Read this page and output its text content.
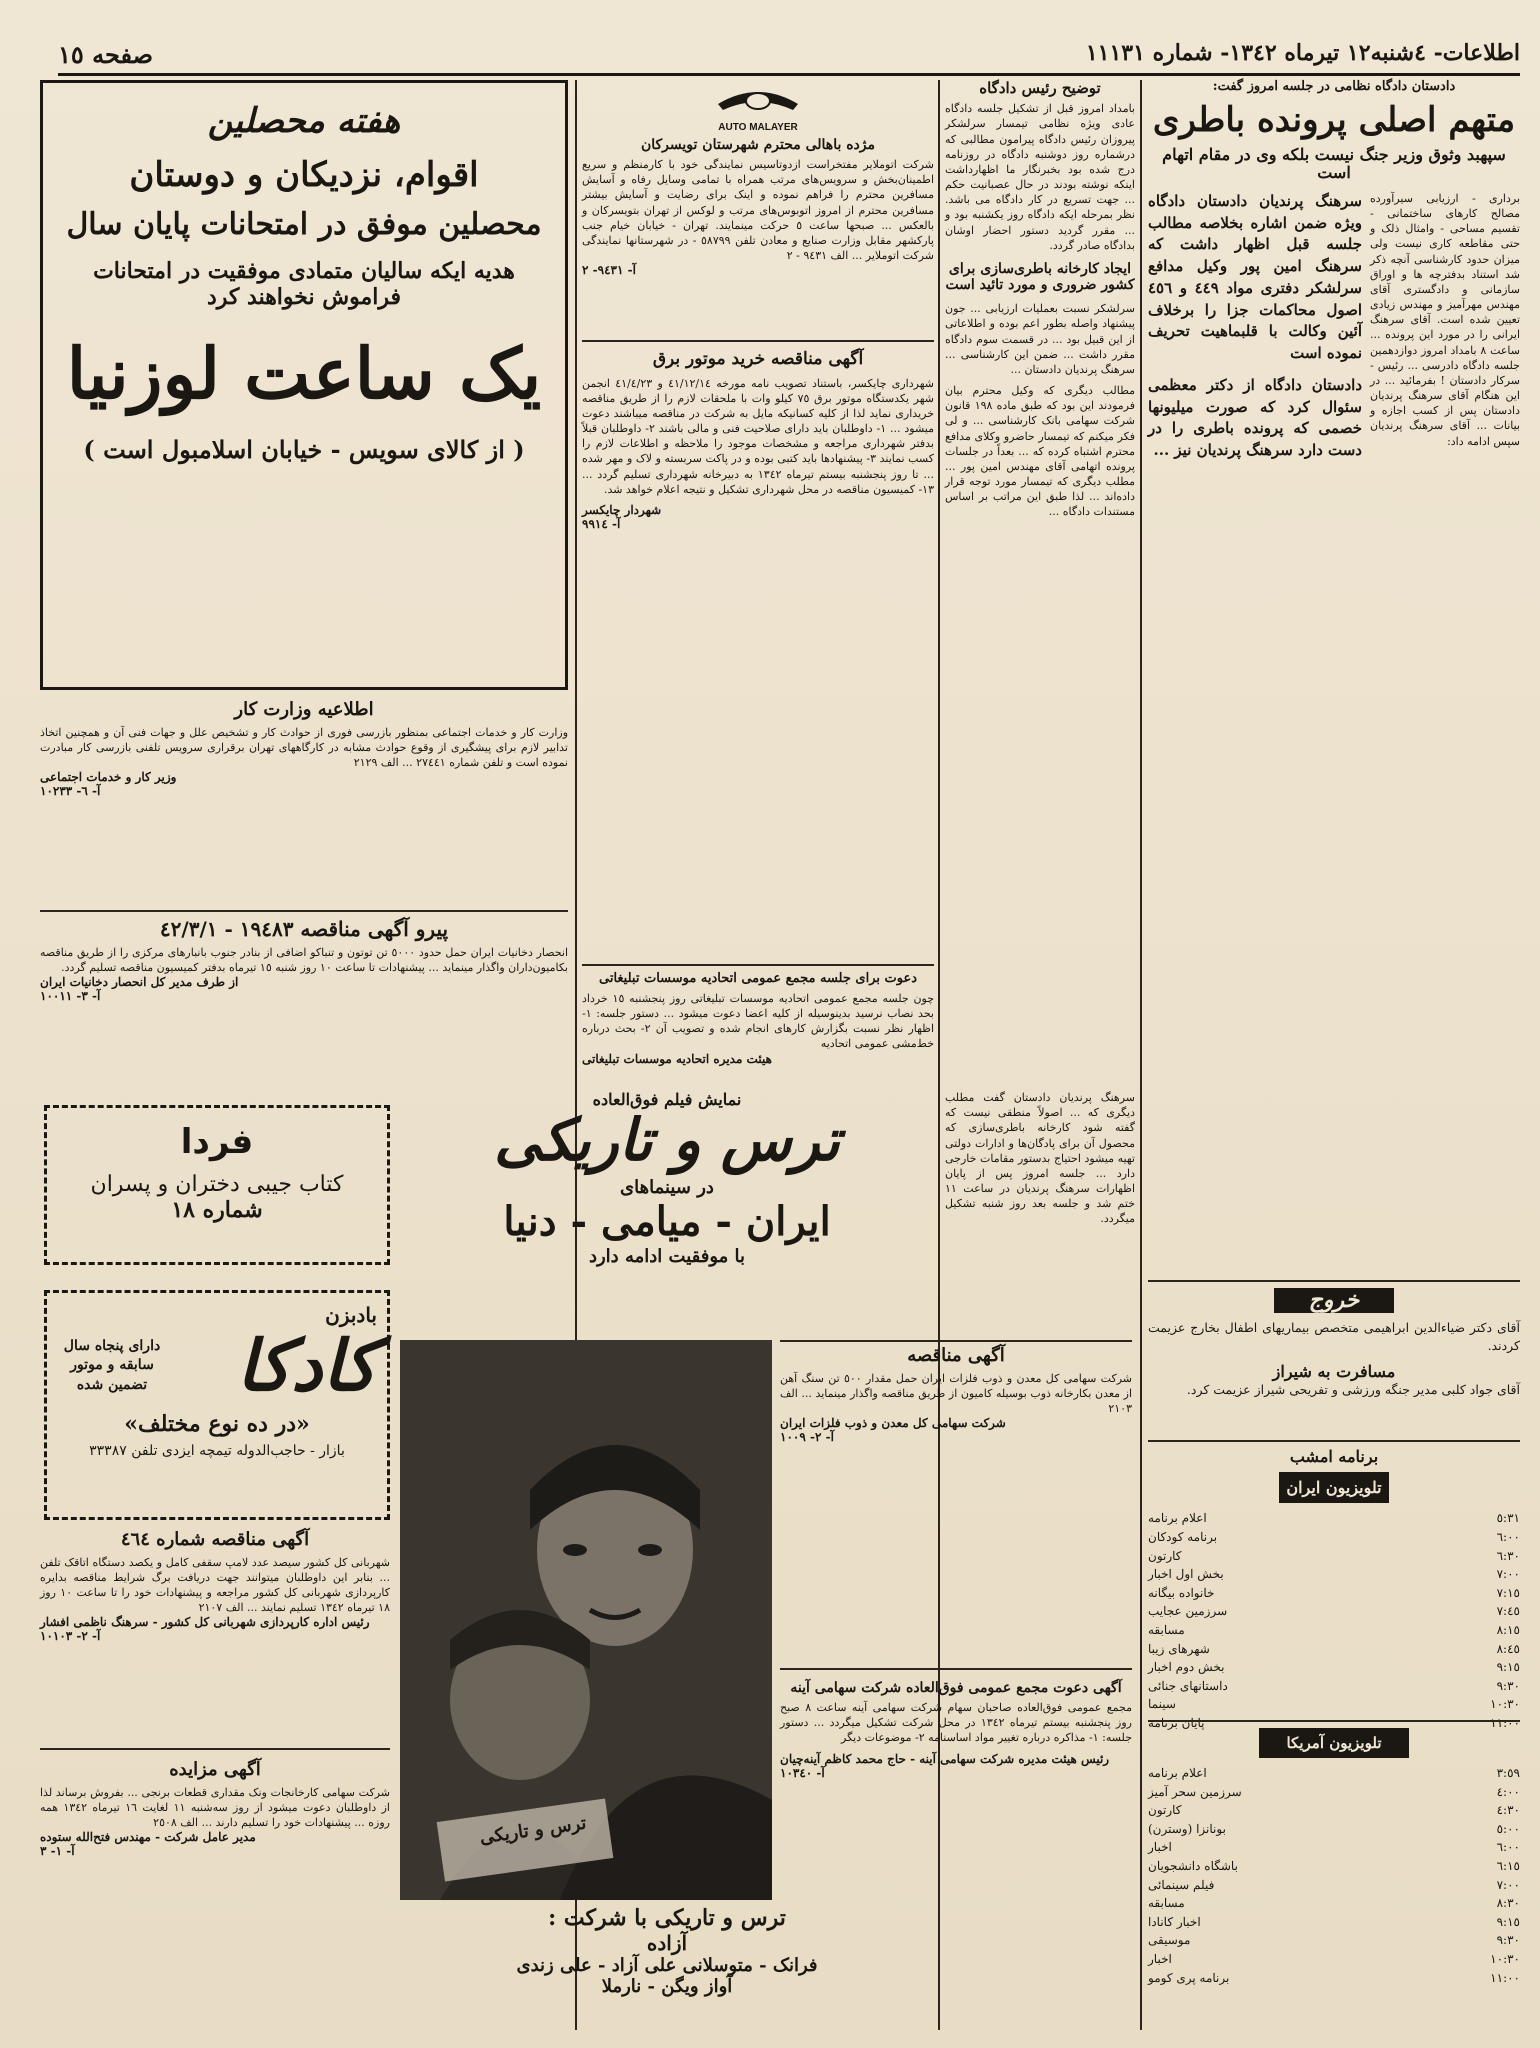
اطلاعات- ٤شنبه١٢ تیرماه ١٣٤٢- شماره ١١١٣١
صفحه ١٥
دادستان دادگاه نظامی در جلسه امروز گفت:
متهم اصلی پرونده باطری
سپهبد وثوق وزیر جنگ نیست بلکه وی در مقام اتهام است
برداری - ارزیابی سیرآورده مصالح کارهای ساختمانی - تقسیم مساحی - وامثال ذلک و حتی مقاطعه کاری نیست ولی میزان حدود کارشناسی آنچه ذکر شد استناد بدفترچه ها و اوراق سازمانی و دادگستری آقای مهندس مهرآمیز و مهندس زیادی تعیین شده است. آقای سرهنگ ایرانی را در مورد این پرونده ... ساعت ٨ بامداد امروز دوازدهمین جلسه دادگاه دادرسی ... رئیس - سرکار دادستان ! بفرمائید ... در این هنگام آقای سرهنگ پرندیان دادستان پس از کسب اجازه و بیانات ... آقای سرهنگ پرندیان سپس ادامه داد:
سرهنگ پرندیان دادستان دادگاه ویژه ضمن اشاره بخلاصه مطالب جلسه قبل اظهار داشت که سرهنگ امین پور وکیل مدافع سرلشکر دفتری مواد ٤٤٩ و ٤٥٦ اصول محاکمات جزا را برخلاف آئین وکالت با قلبماهیت تحریف نموده است
دادستان دادگاه از دکتر معظمی سئوال کرد که صورت میلیونها خصمی که پرونده باطری را در دست دارد سرهنگ پرندیان نیز ...
خروج
آقای دکتر ضیاءالدین ابراهیمی متخصص بیماریهای اطفال بخارج عزیمت کردند.
مسافرت به شیراز
آقای جواد کلبی مدیر جنگه ورزشی و تفریحی شیراز عزیمت کرد.
برنامه امشب
تلویزیون ایران
٥:٣١
اعلام برنامه
٦:٠٠
برنامه کودکان
٦:٣٠
کارتون
٧:٠٠
بخش اول اخبار
٧:١٥
خانواده بیگانه
٧:٤٥
سرزمین عجایب
٨:١٥
مسابقه
٨:٤٥
شهرهای زیبا
٩:١٥
بخش دوم اخبار
٩:٣٠
داستانهای جنائی
١٠:٣٠
سینما
١١:٠٠
پایان برنامه
تلویزیون آمریکا
٣:٥٩
اعلام برنامه
٤:٠٠
سرزمین سحر آمیز
٤:٣٠
کارتون
٥:٠٠
بونانزا (وسترن)
٦:٠٠
اخبار
٦:١٥
باشگاه دانشجویان
٧:٠٠
فیلم سینمائی
٨:٣٠
مسابقه
٩:١٥
اخبار کانادا
٩:٣٠
موسیقی
١٠:٣٠
اخبار
١١:٠٠
برنامه پری کومو
توضیح رئیس دادگاه
بامداد امروز قبل از تشکیل جلسه دادگاه عادی ویژه نظامی تیمسار سرلشکر پیروزان رئیس دادگاه پیرامون مطالبی که درشماره روز دوشنبه دادگاه در روزنامه درج شده بود بخبرنگار ما اظهارداشت اینکه نوشته بودند در حال عصبانیت حکم ... جهت تسریع در کار دادگاه می باشد. نظر بمرحله ایکه دادگاه روز یکشنبه بود و ... مقرر گردید دستور احضار اوشان بدادگاه صادر گردد.
ایجاد کارخانه باطری‌سازی برای کشور ضروری و مورد تائید است
سرلشکر نسبت بعملیات ارزیابی ... جون پیشنهاد واصله بطور اعم بوده و اطلاعاتی از این قبیل بود ... در قسمت سوم دادگاه مقرر داشت ... ضمن این کارشناسی ... سرهنگ پرندیان دادستان ...
مطالب دیگری که وکیل محترم بیان فرمودند این بود که طبق ماده ١٩٨ قانون شرکت سهامی بانک کارشناسی ... و لی فکر میکنم که تیمسار حاضرو وکلای مدافع محترم اشتباه کرده که ... بعداً در جلسات پرونده اتهامی آقای مهندس امین پور ... مطلب دیگری که تیمسار مورد توجه قرار داده‌اند ... لذا طبق این مراتب بر اساس مستندات دادگاه ...
سرهنگ پرندیان دادستان گفت مطلب دیگری که ... اصولاً منطقی نیست که گفته شود کارخانه باطری‌سازی که محصول آن برای پادگان‌ها و ادارات دولتی تهیه میشود احتیاج بدستور مقامات خارجی دارد ... جلسه امروز پس از پایان اظهارات سرهنگ پرندیان در ساعت ١١ ختم شد و جلسه بعد روز شنبه تشکیل میگردد.
AUTO MALAYER
مژده باهالی محترم شهرستان تویسرکان
شرکت اتوملایر مفتخراست ازدوتاسیس نمایندگی خود با کارمنظم و سریع اطمینان‌بخش و سرویس‌های مرتب همراه با تمامی وسایل رفاه و آسایش مسافرین محترم را فراهم نموده و اینک برای رضایت و آسایش بیشتر مسافرین محترم از امروز اتوبوس‌های مرتب و لوکس از تهران بتویسرکان و بالعکس ... صبحها ساعت ٥ حرکت مینمایند. تهران - خیابان خیام جنب پارکشهر مقابل وزارت صنایع و معادن تلفن ٥٨٧٩٩ - در شهرستانها نمایندگی شرکت اتوملایر ... الف ٩٤٣١ - ٢
آ- ٩٤٣١- ٢
آگهی مناقصه خرید موتور برق
شهرداری چایکسر، باستناد تصویب نامه مورخه ٤١/١٢/١٤ و ٤١/٤/٢٣ انجمن شهر یکدستگاه موتور برق ٧٥ کیلو وات با ملحقات لازم را از طریق مناقصه خریداری نماید لذا از کلیه کسانیکه مایل به شرکت در مناقصه میباشند دعوت میشود ... ١- داوطلبان باید دارای صلاحیت فنی و مالی باشند ٢- داوطلبان قبلاً بدفتر شهرداری مراجعه و مشخصات موجود را ملاحظه و اطلاعات لازم را کسب نمایند ٣- پیشنهادها باید کتبی بوده و در پاکت سربسته و لاک و مهر شده ... تا روز پنجشنبه بیستم تیرماه ١٣٤٢ به دبیرخانه شهرداری تسلیم گردد ... ١٣- کمیسیون مناقصه در محل شهرداری تشکیل و نتیجه اعلام خواهد شد.
شهردار چایکسر
آ- ٩٩١٤
دعوت برای جلسه مجمع عمومی اتحادیه موسسات تبلیغاتی
چون جلسه مجمع عمومی اتحادیه موسسات تبلیغاتی روز پنجشنبه ١٥ خرداد بحد نصاب نرسید بدینوسیله از کلیه اعضا دعوت میشود ... دستور جلسه: ١- اظهار نظر نسبت بگزارش کارهای انجام شده و تصویب آن ٢- بحث درباره خط‌مشی عمومی اتحادیه
هیئت مدیره اتحادیه موسسات تبلیغاتی
هفته محصلین
اقوام، نزدیکان و دوستان
محصلین موفق در امتحانات پایان سال
هدیه ایکه سالیان متمادی موفقیت در امتحانات فراموش نخواهند کرد
یک ساعت لوزنیا
( از کالای سویس - خیابان اسلامبول است )
اطلاعیه وزارت کار
وزارت کار و خدمات اجتماعی بمنظور بازرسی فوری از حوادث کار و تشخیص علل و جهات فنی آن و همچنین اتخاذ تدابیر لازم برای پیشگیری از وقوع حوادث مشابه در کارگاههای تهران برقراری سرویس تلفنی بازرسی کار مبادرت نموده است و تلفن شماره ٢٧٤٤١ ... الف ٢١٢٩
وزیر کار و خدمات اجتماعی
آ- ٦- ١٠٢٣٣
پیرو آگهی مناقصه ١٩٤٨٣ - ٤٢/٣/١
انحصار دخانیات ایران حمل حدود ٥٠٠٠ تن توتون و تنباکو اضافی از بنادر جنوب بانبارهای مرکزی را از طریق مناقصه بکامیون‌داران واگذار مینماید ... پیشنهادات تا ساعت ١٠ روز شنبه ١٥ تیرماه بدفتر کمیسیون مناقصه تسلیم گردد.
از طرف مدیر کل انحصار دخانیات ایران
آ- ٣- ١٠٠١١
فردا
کتاب جیبی دختران و پسران
شماره ١٨
بادبزن
کادکا
دارای پنجاه سال سابقه و موتور تضمین شده
«در ده نوع مختلف»
بازار - حاجب‌الدوله تیمچه ایزدی تلفن ٣٣٣٨٧
آگهی مناقصه شماره ٤٦٤
شهربانی کل کشور سیصد عدد لامپ سقفی کامل و یکصد دستگاه اتاقک تلفن ... بنابر این داوطلبان میتوانند جهت دریافت برگ شرایط مناقصه بدایره کارپردازی شهربانی کل کشور مراجعه و پیشنهادات خود را تا ساعت ١٠ روز ١٨ تیرماه ١٣٤٢ تسلیم نمایند ... الف ٢١٠٧
رئیس اداره کارپردازی شهربانی کل کشور - سرهنگ ناظمی افشار
آ- ٢- ١٠١٠٣
آگهی مزایده
شرکت سهامی کارخانجات ونک مقداری قطعات برنجی ... بفروش برساند لذا از داوطلبان دعوت میشود از روز سه‌شنبه ١١ لغایت ١٦ تیرماه ١٣٤٢ همه روزه ... پیشنهادات خود را تسلیم دارند ... الف ٢٥٠٨
مدیر عامل شرکت - مهندس فتح‌الله ستوده
آ- ١- ٣
نمایش فیلم فوق‌العاده
ترس و تاریکی
در سینماهای
ایران - میامی - دنیا
با موفقیت ادامه دارد
ترس و تاریکی
ترس و تاریکی با شرکت :
آزاده
فرانک - متوسلانی علی آزاد - علی زندی
آواز ویگن - نارملا
آگهی مناقصه
شرکت سهامی کل معدن و ذوب فلزات ایران حمل مقدار ٥٠٠ تن سنگ آهن از معدن بکارخانه ذوب بوسیله کامیون از طریق مناقصه واگذار مینماید ... الف ٢١٠٣
شرکت سهامی کل معدن و ذوب فلزات ایران
آ- ٢- ١٠٠٩
آگهی دعوت مجمع عمومی فوق‌العاده شرکت سهامی آینه
مجمع عمومی فوق‌العاده صاحبان سهام شرکت سهامی آینه ساعت ٨ صبح روز پنجشنبه بیستم تیرماه ١٣٤٢ در محل شرکت تشکیل میگردد ... دستور جلسه: ١- مذاکره درباره تغییر مواد اساسنامه ٢- موضوعات دیگر
رئیس هیئت مدیره شرکت سهامی آینه - حاج محمد کاظم آینه‌چیان
آ- ١٠٣٤٠
